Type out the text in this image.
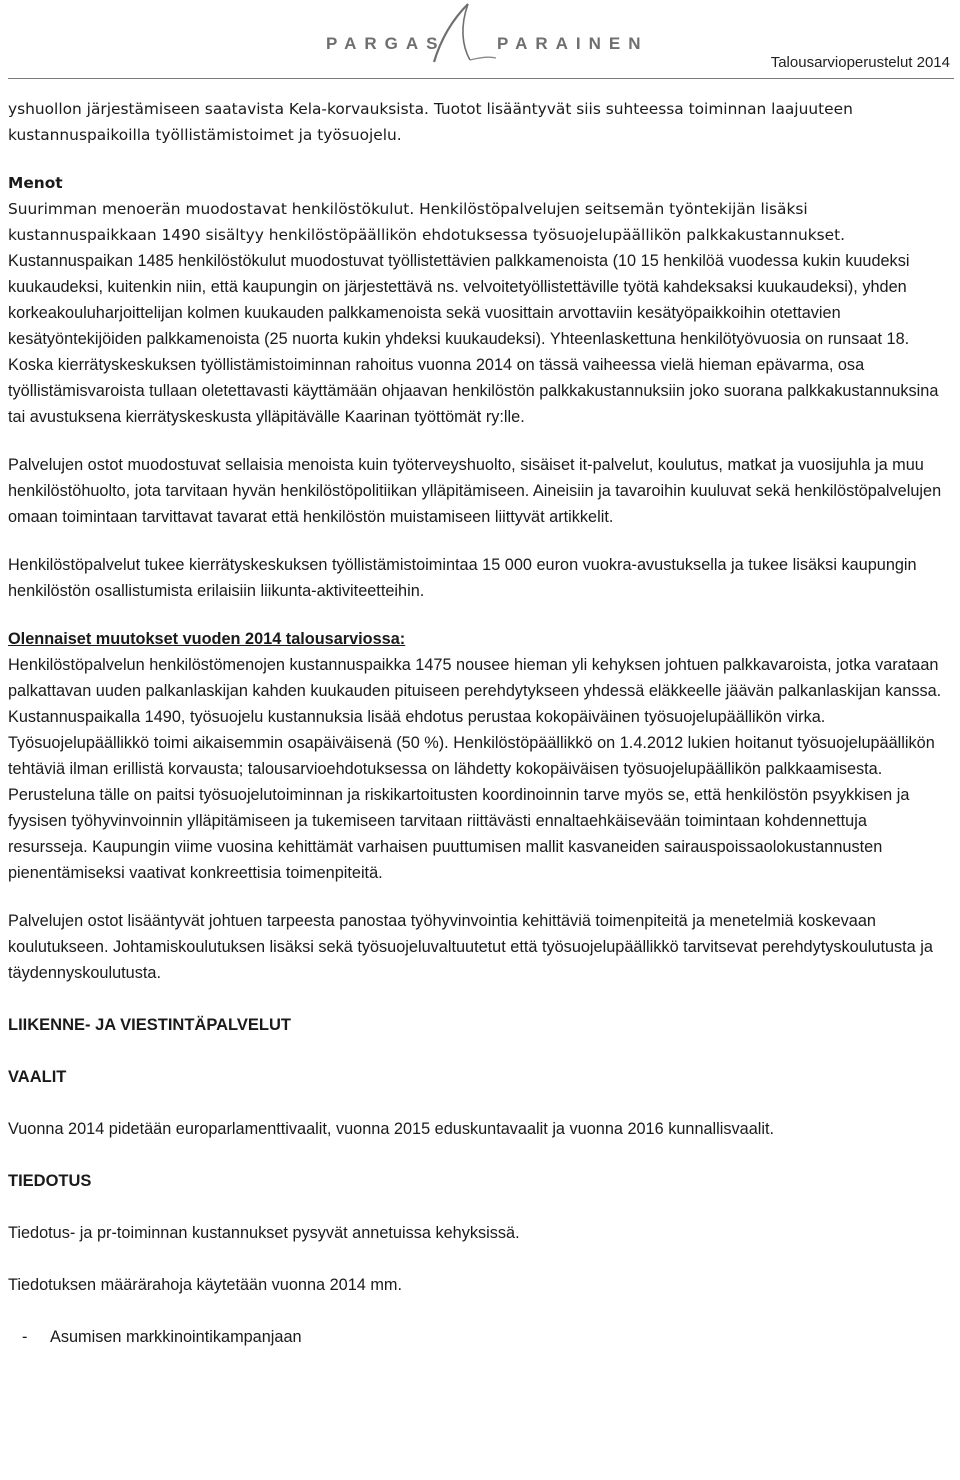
PARGAS	PARAINEN
Talousarvioperustelut 2014

yshuollon järjestämiseen saatavista Kela-korvauksista. Tuotot lisääntyvät siis suhteessa toiminnan laajuuteen kustannuspaikoilla työllistämistoimet ja työsuojelu.

Menot

Suurimman menoerän muodostavat henkilöstökulut. Henkilöstöpalvelujen seitsemän työntekijän lisäksi kustannuspaikkaan 1490 sisältyy henkilöstöpäällikön ehdotuksessa työsuojelupäällikön palkkakustannukset. Kustannuspaikan 1485 henkilöstökulut muodostuvat työllistettävien palkkamenoista (10 15 henkilöä vuodessa kukin kuudeksi kuukaudeksi, kuitenkin niin, että kaupungin on järjestettävä ns. velvoitetyöllistettäville työtä kahdeksaksi kuukaudeksi), yhden korkeakouluharjoittelijan kolmen kuukauden palkkamenoista sekä vuosittain arvottaviin kesätyöpaikkoihin otettavien kesätyöntekijöiden palkkamenoista (25 nuorta kukin yhdeksi kuukaudeksi). Yhteenlaskettuna henkilötyövuosia on runsaat 18. Koska kierrätyskeskuksen työllistämistoiminnan rahoitus vuonna 2014 on tässä vaiheessa vielä hieman epävarma, osa työllistämisvaroista tullaan oletettavasti käyttämään ohjaavan henkilöstön palkkakustannuksiin joko suorana palkkakustannuksina tai avustuksena kierrätyskeskusta ylläpitävälle Kaarinan työttömät ry:lle.

Palvelujen ostot muodostuvat sellaisia menoista kuin työterveyshuolto, sisäiset it-palvelut, koulutus, matkat ja vuosijuhla ja muu henkilöstöhuolto, jota tarvitaan hyvän henkilöstöpolitiikan ylläpitämiseen. Aineisiin ja tavaroihin kuuluvat sekä henkilöstöpalvelujen omaan toimintaan tarvittavat tavarat että henkilöstön muistamiseen liittyvät artikkelit.

Henkilöstöpalvelut tukee kierrätyskeskuksen työllistämistoimintaa 15 000 euron vuokra-avustuksella ja tukee lisäksi kaupungin henkilöstön osallistumista erilaisiin liikunta-aktiviteetteihin.

Olennaiset muutokset vuoden 2014 talousarviossa:

Henkilöstöpalvelun henkilöstömenojen kustannuspaikka 1475 nousee hieman yli kehyksen johtuen palkkavaroista, jotka varataan palkattavan uuden palkanlaskijan kahden kuukauden pituiseen perehdytykseen yhdessä eläkkeelle jäävän palkanlaskijan kanssa. Kustannuspaikalla 1490, työsuojelu kustannuksia lisää ehdotus perustaa kokopäiväinen työsuojelupäällikön virka. Työsuojelupäällikkö toimi aikaisemmin osapäiväisenä (50 %). Henkilöstöpäällikkö on 1.4.2012 lukien hoitanut työsuojelupäällikön tehtäviä ilman erillistä korvausta; talousarvioehdotuksessa on lähdetty kokopäiväisen työsuojelupäällikön palkkaamisesta. Perusteluna tälle on paitsi työsuojelutoiminnan ja riskikartoitusten koordinoinnin tarve myös se, että henkilöstön psyykkisen ja fyysisen työhyvinvoinnin ylläpitämiseen ja tukemiseen tarvitaan riittävästi ennaltaehkäisevään toimintaan kohdennettuja resursseja. Kaupungin viime vuosina kehittämät varhaisen puuttumisen mallit kasvaneiden sairauspoissaolokustannusten pienentämiseksi vaativat konkreettisia toimenpiteitä.

Palvelujen ostot lisääntyvät johtuen tarpeesta panostaa työhyvinvointia kehittäviä toimenpiteitä ja menetelmiä koskevaan koulutukseen. Johtamiskoulutuksen lisäksi sekä työsuojeluvaltuutetut että työsuojelupäällikkö tarvitsevat perehdytyskoulutusta ja täydennyskoulutusta.

LIIKENNE- JA VIESTINTÄPALVELUT

VAALIT

Vuonna 2014 pidetään europarlamenttivaalit, vuonna 2015 eduskuntavaalit ja vuonna 2016 kunnallisvaalit.

TIEDOTUS

Tiedotus- ja pr-toiminnan kustannukset pysyvät annetuissa kehyksissä.

Tiedotuksen määrärahoja käytetään vuonna 2014 mm.

- Asumisen markkinointikampanjaan
